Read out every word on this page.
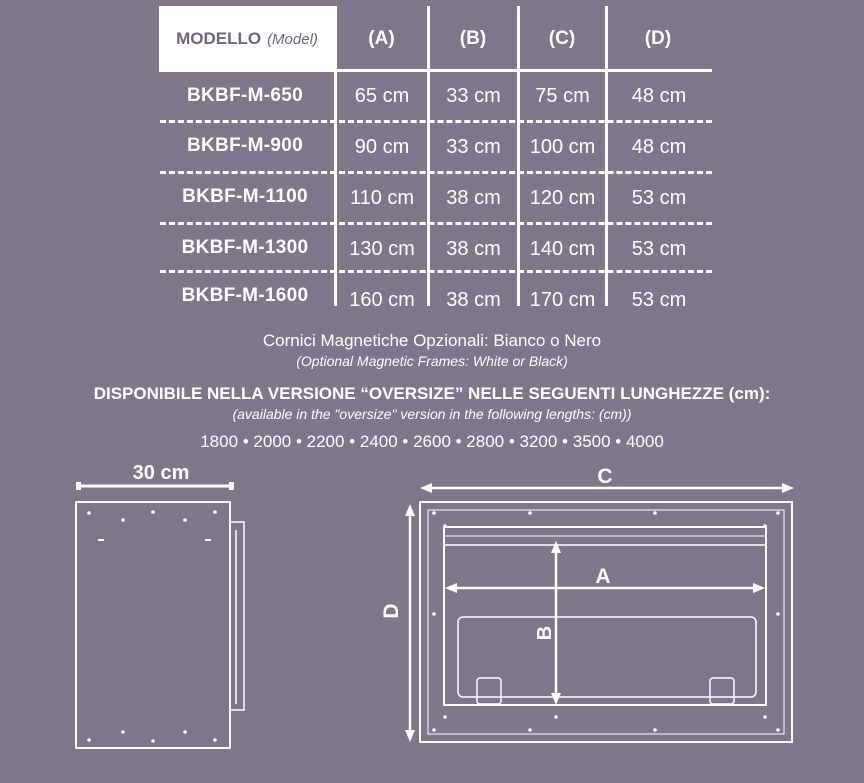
MODELLO (Model)	(A)	(B)	(C)	(D)
BKBF-M-650	65 cm	33 cm	75 cm	48 cm
BKBF-M-900	90 cm	33 cm	100 cm	48 cm
BKBF-M-1100	110 cm	38 cm	120 cm	53 cm
BKBF-M-1300	130 cm	38 cm	140 cm	53 cm
BKBF-M-1600	160 cm	38 cm	170 cm	53 cm
Cornici Magnetiche Opzionali: Bianco o Nero
(Optional Magnetic Frames: White or Black)
DISPONIBILE NELLA VERSIONE “OVERSIZE” NELLE SEGUENTI LUNGHEZZE (cm):
(available in the "oversize" version in the following lengths: (cm))
1800 • 2000 • 2200 • 2400 • 2600 • 2800 • 3200 • 3500 • 4000
30 cm	C
D
A
B
